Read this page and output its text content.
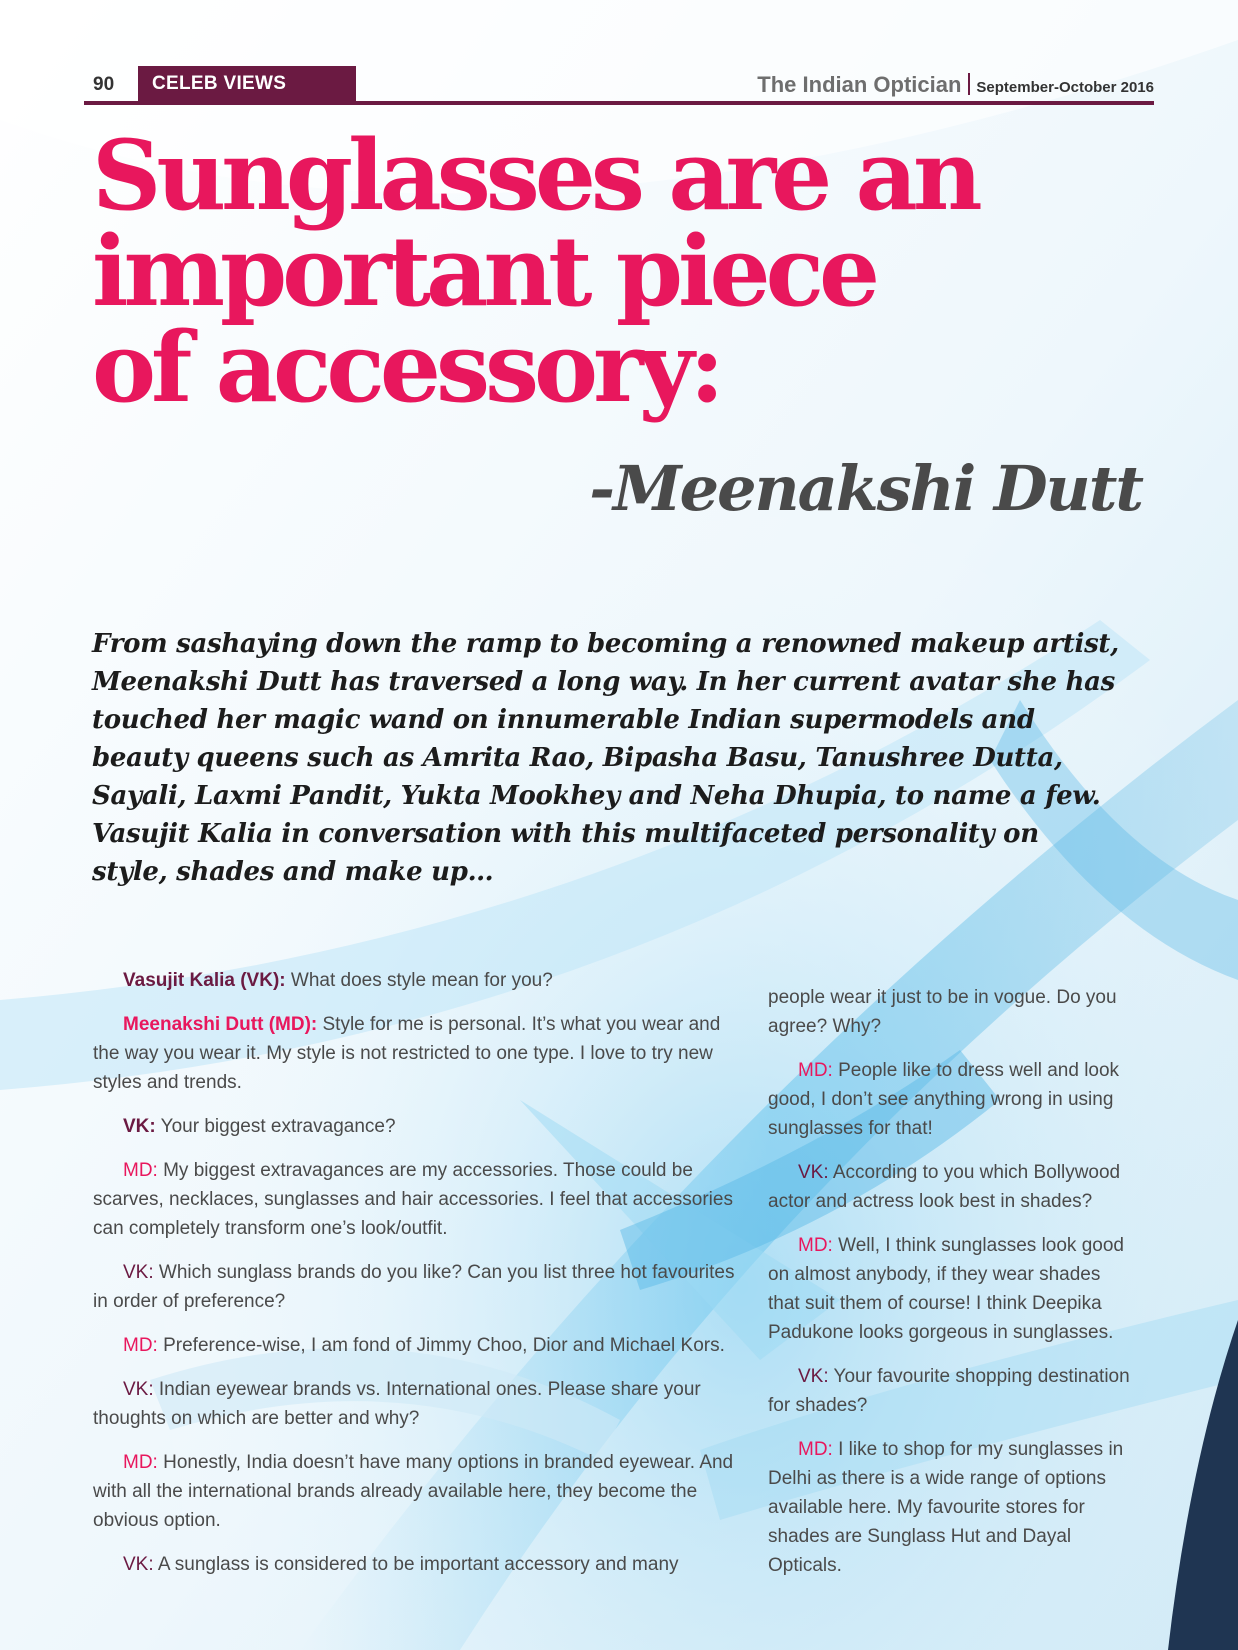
90	CELEB VIEWS	The Indian Optician September-October 2016
Sunglasses are an
important piece
of accessory:
-Meenakshi Dutt

From sashaying down the ramp to becoming a renowned makeup artist, Meenakshi Dutt has traversed a long way. In her current avatar she has touched her magic wand on innumerable Indian supermodels and beauty queens such as Amrita Rao, Bipasha Basu, Tanushree Dutta, Sayali, Laxmi Pandit, Yukta Mookhey and Neha Dhupia, to name a few. Vasujit Kalia in conversation with this multifaceted personality on style, shades and make up…

Vasujit Kalia (VK): What does style mean for you?

Meenakshi Dutt (MD): Style for me is personal. It’s what you wear and the way you wear it. My style is not restricted to one type. I love to try new styles and trends.

VK: Your biggest extravagance?

MD: My biggest extravagances are my accessories. Those could be scarves, necklaces, sunglasses and hair accessories. I feel that accessories can completely transform one’s look/outfit.

VK: Which sunglass brands do you like? Can you list three hot favourites in order of preference?

MD: Preference-wise, I am fond of Jimmy Choo, Dior and Michael Kors.

VK: Indian eyewear brands vs. International ones. Please share your thoughts on which are better and why?

MD: Honestly, India doesn’t have many options in branded eyewear. And with all the international brands already available here, they become the obvious option.

VK: A sunglass is considered to be important accessory and many

people wear it just to be in vogue. Do you agree? Why?

MD: People like to dress well and look good, I don’t see anything wrong in using sunglasses for that!

VK: According to you which Bollywood actor and actress look best in shades?

MD: Well, I think sunglasses look good on almost anybody, if they wear shades that suit them of course! I think Deepika Padukone looks gorgeous in sunglasses.

VK: Your favourite shopping destination for shades?

MD: I like to shop for my sunglasses in Delhi as there is a wide range of options available here. My favourite stores for shades are Sunglass Hut and Dayal Opticals.
